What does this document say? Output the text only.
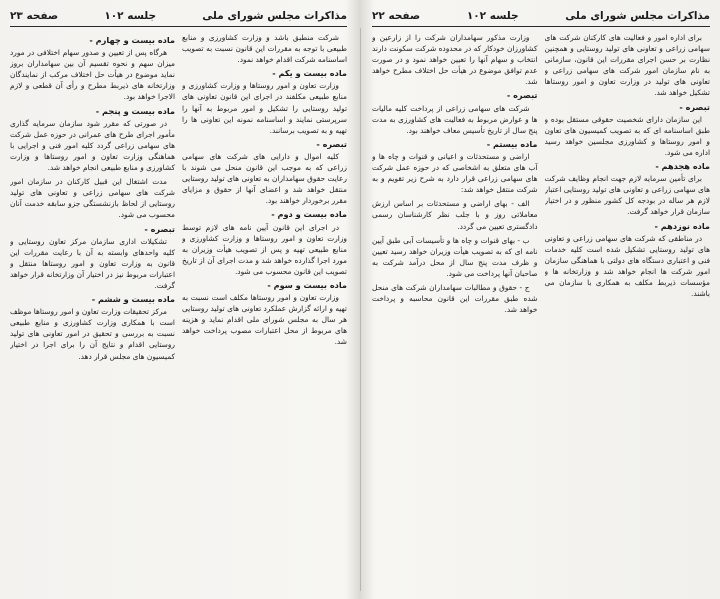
مذاکرات مجلس شورای ملی
جلسه ۱۰۲
صفحه ۲۳

شرکت منطبق باشد و وزارت کشاورزی و منابع طبیعی با توجه به مقررات این قانون نسبت به تصویب اساسنامه شرکت اقدام خواهد نمود.

ماده بیست و یکم -

وزارت تعاون و امور روستاها و وزارت کشاورزی و منابع طبیعی مکلفند در اجرای این قانون تعاونی های تولید روستایی را تشکیل و امور مربوط به آنها را سرپرستی نمایند و اساسنامه نمونه این تعاونی ها را تهیه و به تصویب برسانند.

تبصره -

کلیه اموال و دارایی های شرکت های سهامی زراعی که به موجب این قانون منحل می شوند با رعایت حقوق سهامداران به تعاونی های تولید روستایی منتقل خواهد شد و اعضای آنها از حقوق و مزایای مقرر برخوردار خواهند بود.

ماده بیست و دوم -

در اجرای این قانون آیین نامه های لازم توسط وزارت تعاون و امور روستاها و وزارت کشاورزی و منابع طبیعی تهیه و پس از تصویب هیأت وزیران به مورد اجرا گذارده خواهد شد و مدت اجرای آن از تاریخ تصویب این قانون محسوب می شود.

ماده بیست و سوم -

وزارت تعاون و امور روستاها مکلف است نسبت به تهیه و ارائه گزارش عملکرد تعاونی های تولید روستایی هر سال به مجلس شورای ملی اقدام نماید و هزینه های مربوط از محل اعتبارات مصوب پرداخت خواهد شد.

ماده بیست و چهارم -

هرگاه پس از تعیین و صدور سهام اختلافی در مورد میزان سهم و نحوه تقسیم آن بین سهامداران بروز نماید موضوع در هیأت حل اختلاف مرکب از نمایندگان وزارتخانه های ذیربط مطرح و رأی آن قطعی و لازم الاجرا خواهد بود.

ماده بیست و پنجم -

در صورتی که مقرر شود سازمان سرمایه گذاری مأمور اجرای طرح های عمرانی در حوزه عمل شرکت های سهامی زراعی گردد کلیه امور فنی و اجرایی با هماهنگی وزارت تعاون و امور روستاها و وزارت کشاورزی و منابع طبیعی انجام خواهد شد.

مدت اشتغال این قبیل کارکنان در سازمان امور شرکت های سهامی زراعی و تعاونی های تولید روستایی از لحاظ بازنشستگی جزو سابقه خدمت آنان محسوب می شود.

تبصره -

تشکیلات اداری سازمان مرکز تعاون روستایی و کلیه واحدهای وابسته به آن با رعایت مقررات این قانون به وزارت تعاون و امور روستاها منتقل و اعتبارات مربوط نیز در اختیار آن وزارتخانه قرار خواهد گرفت.

ماده بیست و ششم -

مرکز تحقیقات وزارت تعاون و امور روستاها موظف است با همکاری وزارت کشاورزی و منابع طبیعی نسبت به بررسی و تحقیق در امور تعاونی های تولید روستایی اقدام و نتایج آن را برای اجرا در اختیار کمیسیون های مجلس قرار دهد.

مذاکرات مجلس شورای ملی
جلسه ۱۰۲
صفحه ۲۲

برای اداره امور و فعالیت های کارکنان شرکت های سهامی زراعی و تعاونی های تولید روستایی و همچنین نظارت بر حسن اجرای مقررات این قانون، سازمانی به نام سازمان امور شرکت های سهامی زراعی و تعاونی های تولید در وزارت تعاون و امور روستاها تشکیل خواهد شد.

تبصره -

این سازمان دارای شخصیت حقوقی مستقل بوده و طبق اساسنامه ای که به تصویب کمیسیون های تعاون و امور روستاها و کشاورزی مجلسین خواهد رسید اداره می شود.

ماده هجدهم -

برای تأمین سرمایه لازم جهت انجام وظایف شرکت های سهامی زراعی و تعاونی های تولید روستایی اعتبار لازم هر ساله در بودجه کل کشور منظور و در اختیار سازمان قرار خواهد گرفت.

ماده نوزدهم -

در مناطقی که شرکت های سهامی زراعی و تعاونی های تولید روستایی تشکیل شده است کلیه خدمات فنی و اعتباری دستگاه های دولتی با هماهنگی سازمان امور شرکت ها انجام خواهد شد و وزارتخانه ها و مؤسسات ذیربط مکلف به همکاری با سازمان می باشند.

وزارت مذکور سهامداران شرکت را از زارعین و کشاورزان خودکار که در محدوده شرکت سکونت دارند انتخاب و سهام آنها را تعیین خواهد نمود و در صورت عدم توافق موضوع در هیأت حل اختلاف مطرح خواهد شد.

تبصره -

شرکت های سهامی زراعی از پرداخت کلیه مالیات ها و عوارض مربوط به فعالیت های کشاورزی به مدت پنج سال از تاریخ تأسیس معاف خواهند بود.

ماده بیستم -

اراضی و مستحدثات و اعیانی و قنوات و چاه ها و آب های متعلق به اشخاصی که در حوزه عمل شرکت های سهامی زراعی قرار دارد به شرح زیر تقویم و به شرکت منتقل خواهد شد:

الف - بهای اراضی و مستحدثات بر اساس ارزش معاملاتی روز و با جلب نظر کارشناسان رسمی دادگستری تعیین می گردد.

ب - بهای قنوات و چاه ها و تأسیسات آبی طبق آیین نامه ای که به تصویب هیأت وزیران خواهد رسید تعیین و ظرف مدت پنج سال از محل درآمد شرکت به صاحبان آنها پرداخت می شود.

ج - حقوق و مطالبات سهامداران شرکت های منحل شده طبق مقررات این قانون محاسبه و پرداخت خواهد شد.
